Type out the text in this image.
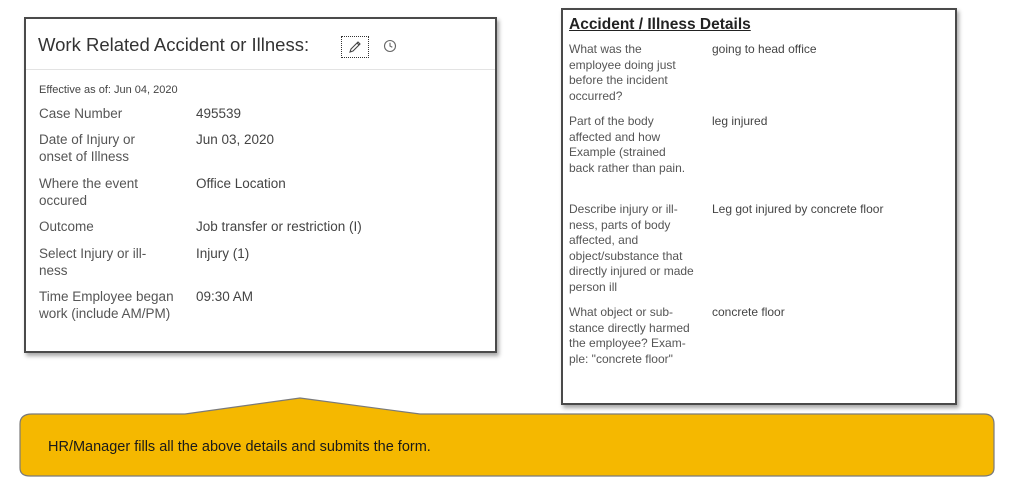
Work Related Accident or Illness:
Effective as of: Jun 04, 2020
Case Number	495539
Date of Injury or onset of Illness
Jun 03, 2020
Where the event occured
Office Location
Outcome	Job transfer or restriction (I)
Select Injury or ill-ness
Injury (1)
Time Employee began work (include AM/PM)
09:30 AM
Accident / Illness Details
What was the employee doing just before the incident occurred?
going to head office
Part of the body affected and how Example (strained back rather than pain.
leg injured
Describe injury or ill-ness, parts of body affected, and object/substance that directly injured or made person ill
Leg got injured by concrete floor
What object or sub-stance directly harmed the employee? Exam-ple: "concrete floor"
concrete floor
HR/Manager fills all the above details and submits the form.
